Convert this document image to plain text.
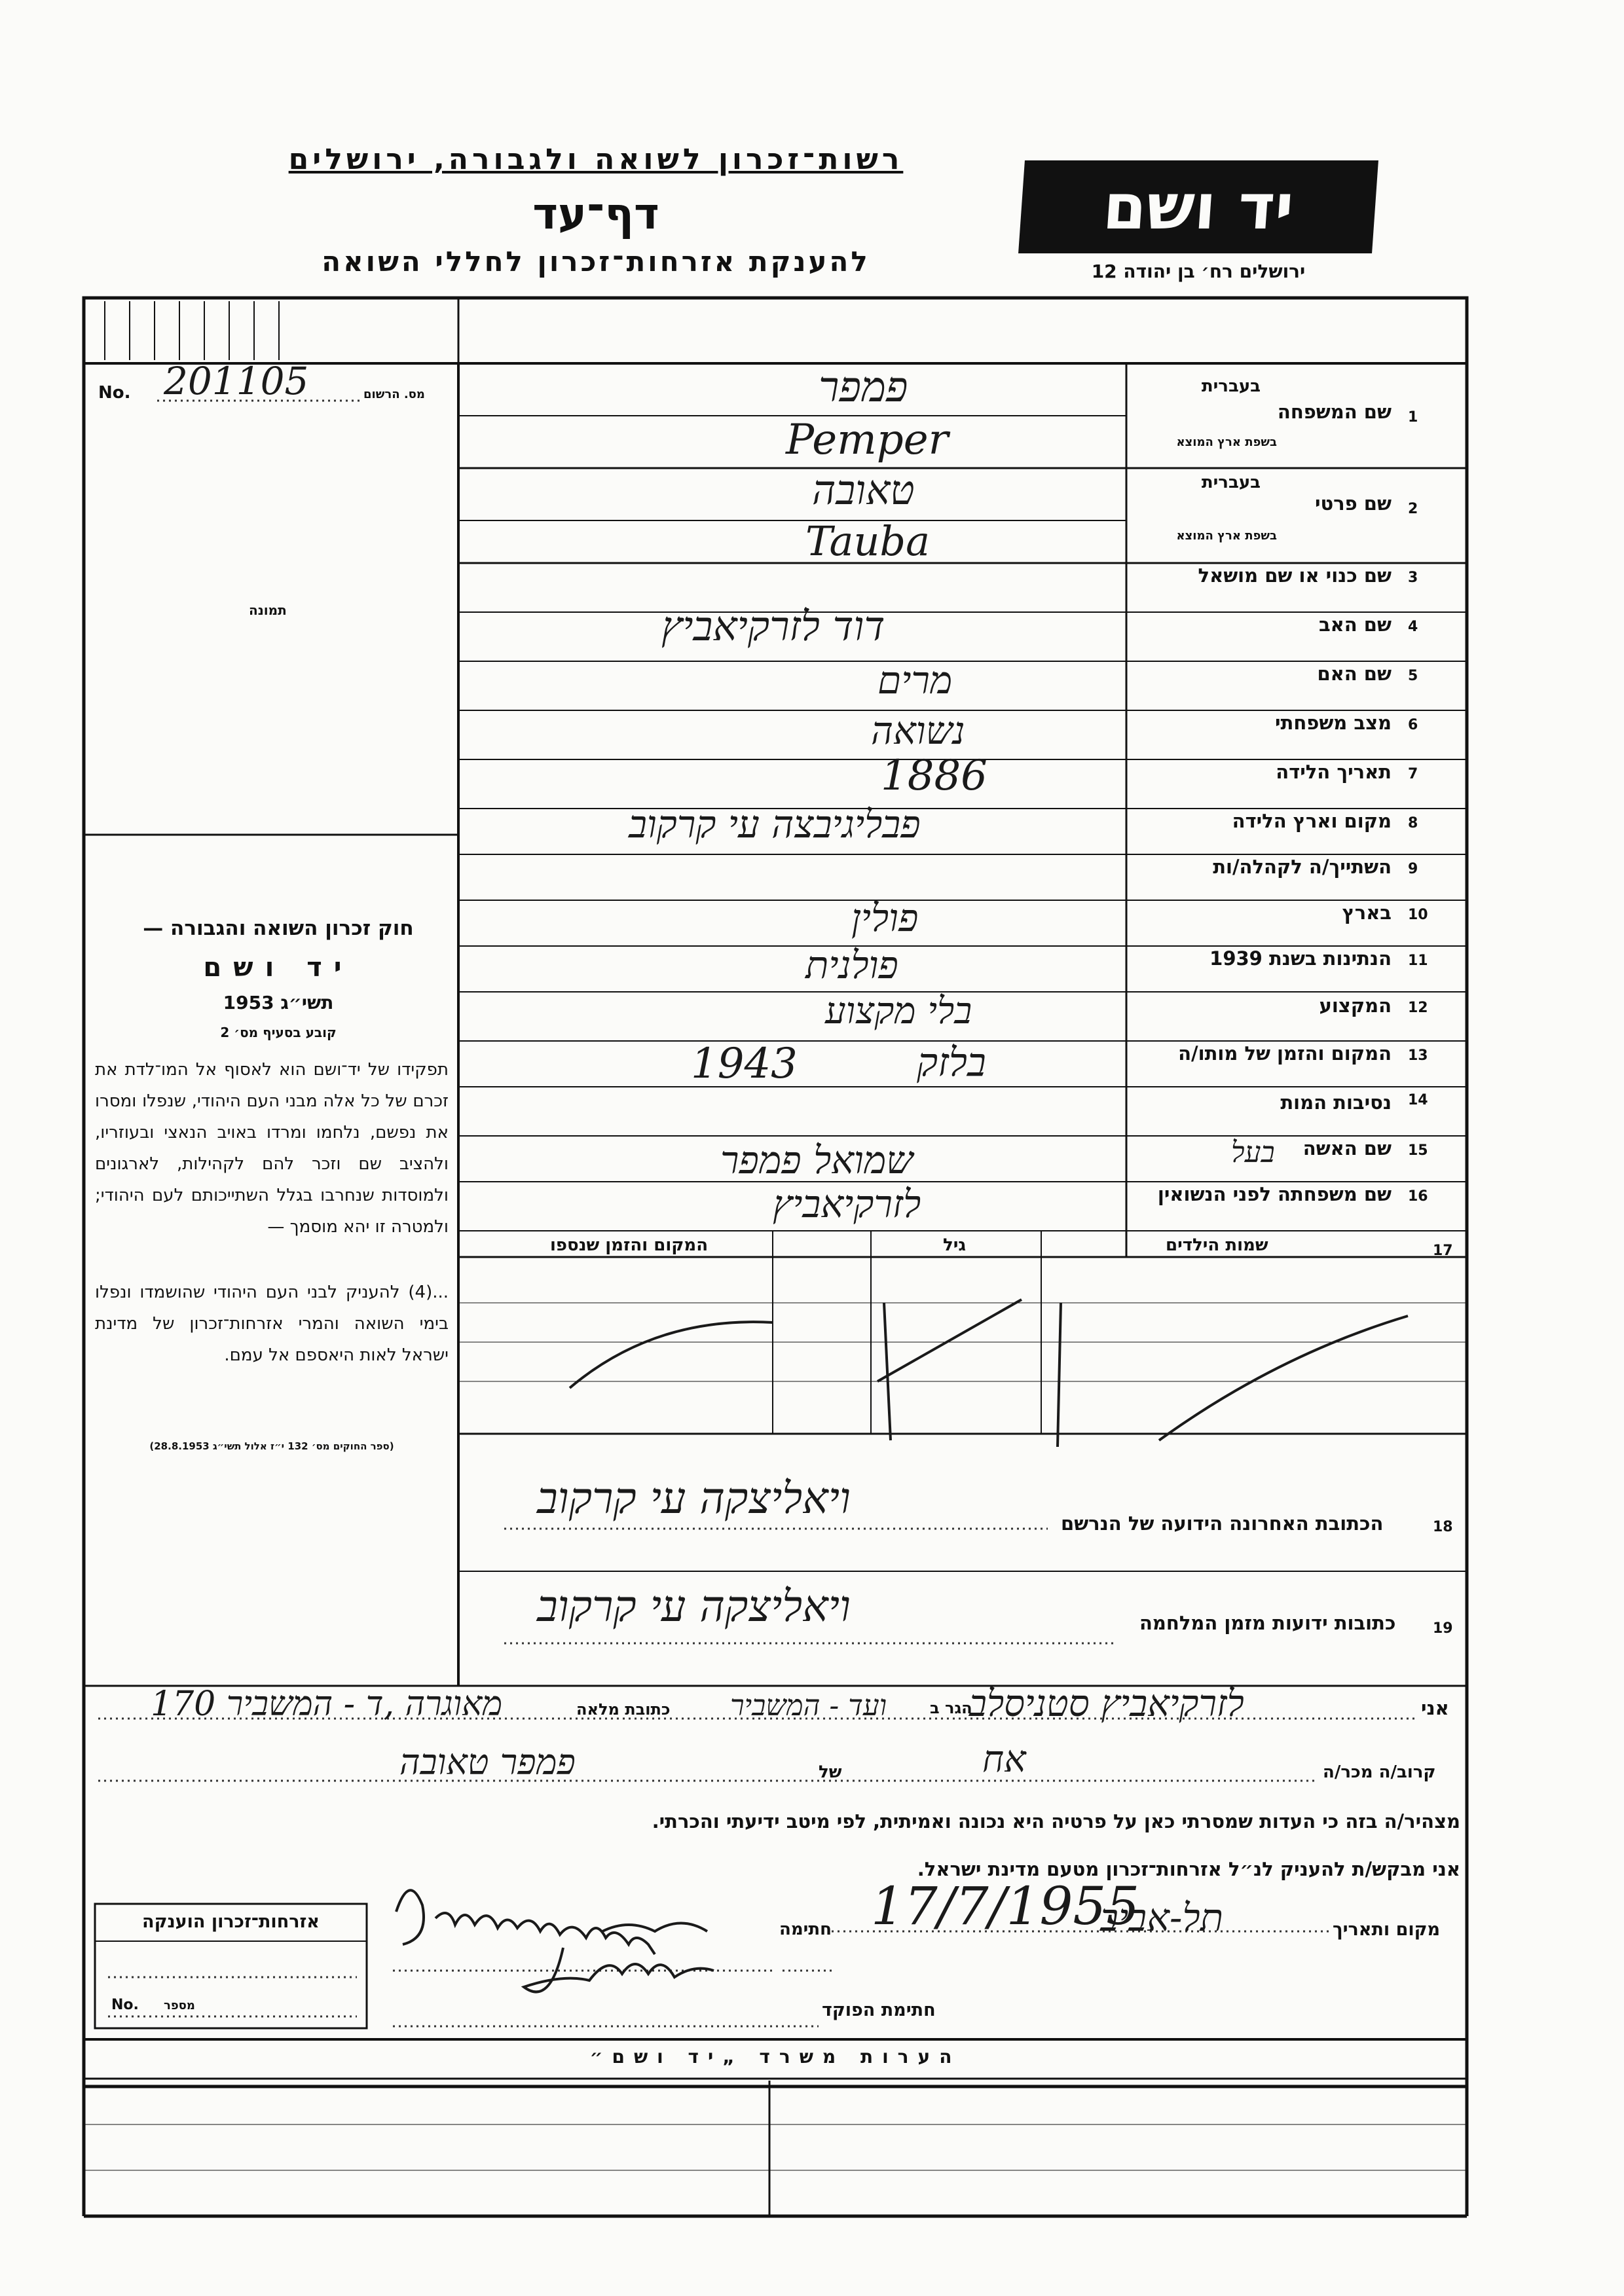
רשות־זכרון לשואה ולגבורה, ירושלים
דף־עד
להענקת אזרחות־זכרון לחללי השואה
יד ושם
ירושלים רח׳ בן יהודה 12
No. 201105	מס. הרשום
תמונה
1
שם המשפחה
בעברית
בשפת ארץ המוצא
פמפר
Pemper
2
שם פרטי
בעברית
בשפת ארץ המוצא
טאובה
Tauba
3
שם כנוי או שם מושאל
4
שם האב
דוד לזרקיאביץ
5
שם האם
מרים
6
מצב משפחתי
נשואה
7
תאריך הלידה
1886
8
מקום וארץ הלידה
פבליגיבצה עי קרקוב
9
השתייך/ה לקהלה/ות
10
בארץ
פולין
11
הנתינות בשנת 1939
פולנית
12
המקצוע
בלי מקצוע
13
המקום והזמן של מותו/ה
1943	בלזק
14
נסיבות המות
15
שם האשה
בעל
שמואל פמפר
16
שם משפחתה לפני הנשואין
לזרקיאביץ
17
שמות הילדים
גיל
המקום והזמן שנספו
18
הכתובת האחרונה הידועה של הנרשם
ויאליצקה עי קרקוב
19
כתובות ידועות מזמן המלחמה
ויאליצקה עי קרקוב
חוק זכרון השואה והגבורה —
יד ושם
תשי״ג 1953
קובע בסעיף מס׳ 2
תפקידו של יד־ושם הוא לאסוף אל המו־לדת את זכרם של כל אלה מבני העם היהודי, שנפלו ומסרו את נפשם, נלחמו ומרדו באויב הנאצי ובעוזריו, ולהציב שם וזכר להם לקהילות, לארגונים ולמוסדות שנחרבו בגלל השתייכותם לעם היהודי; ולמטרה זו יהא מוסמך —
...(4) להעניק לבני העם היהודי שהושמדו ונפלו בימי השואה והמרי אזרחות־זכרון של מדינת ישראל לאות היאספם אל עמם.
(ספר החוקים מס׳ 132 י״ז אלול תשי״ג 28.8.1953)
אני
לזרקיאביץ סטניסלב
הגר ב
ועד - המשביר
כתובת מלאה
מאוגרה ,ד - המשביר 170
קרוב/ה מכר/ה
אח
של
פמפר טאובה
מצהיר/ה בזה כי העדות שמסרתי כאן על פרטיה היא נכונה ואמיתית, לפי מיטב ידיעתי והכרתי.
אני מבקש/ת להעניק לנ״ל אזרחות־זכרון מטעם מדינת ישראל.
מקום ותאריך
תל-אביב
17/7/1955
חתימה
חתימת הפוקד
אזרחות־זכרון הוענקה
No. מספר
הערות משרד „יד ושם״
